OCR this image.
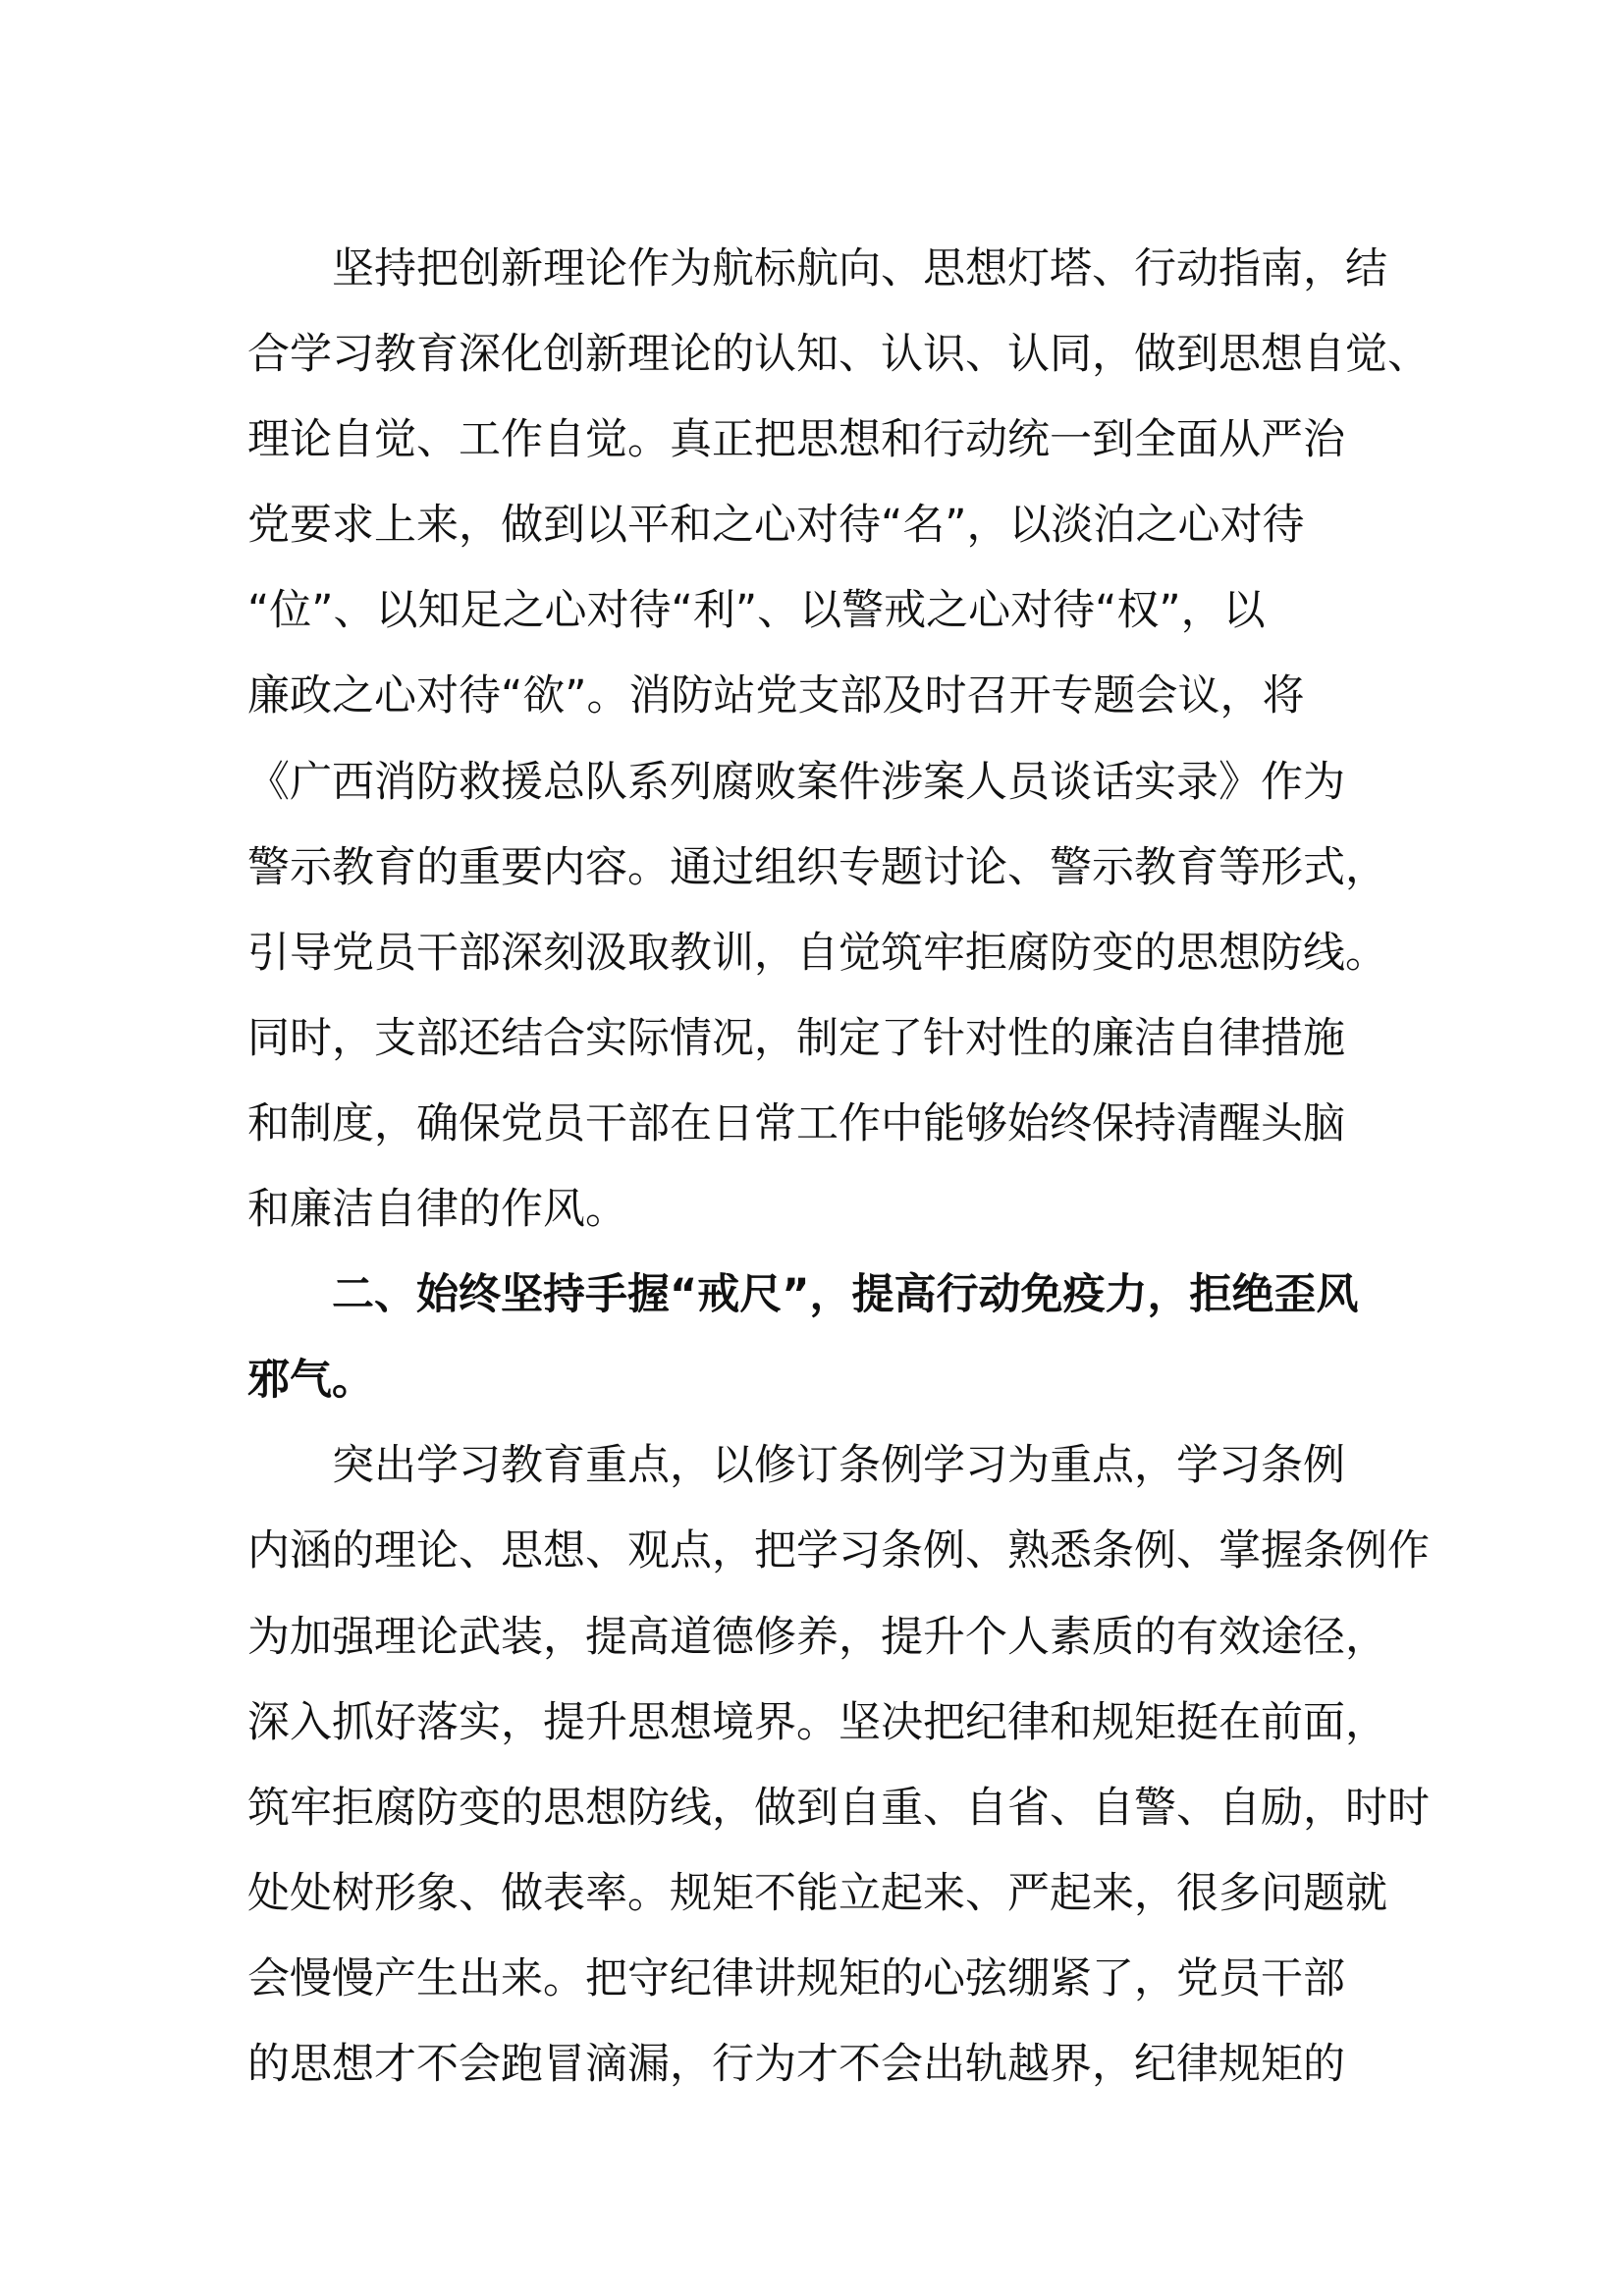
坚持把创新理论作为航标航向、思想灯塔、行动指南，结
合学习教育深化创新理论的认知、认识、认同，做到思想自觉、
理论自觉、工作自觉。真正把思想和行动统一到全面从严治
党要求上来，做到以平和之心对待“名”，以淡泊之心对待
“位”、以知足之心对待“利”、以警戒之心对待“权”，以
廉政之心对待“欲”。消防站党支部及时召开专题会议，将
《广西消防救援总队系列腐败案件涉案人员谈话实录》作为
警示教育的重要内容。通过组织专题讨论、警示教育等形式，
引导党员干部深刻汲取教训，自觉筑牢拒腐防变的思想防线。
同时，支部还结合实际情况，制定了针对性的廉洁自律措施
和制度，确保党员干部在日常工作中能够始终保持清醒头脑
和廉洁自律的作风。
二、始终坚持手握“戒尺”，提高行动免疫力，拒绝歪风
邪气。
突出学习教育重点，以修订条例学习为重点，学习条例
内涵的理论、思想、观点，把学习条例、熟悉条例、掌握条例作
为加强理论武装，提高道德修养，提升个人素质的有效途径，
深入抓好落实，提升思想境界。坚决把纪律和规矩挺在前面，
筑牢拒腐防变的思想防线，做到自重、自省、自警、自励，时时
处处树形象、做表率。规矩不能立起来、严起来，很多问题就
会慢慢产生出来。把守纪律讲规矩的心弦绷紧了，党员干部
的思想才不会跑冒滴漏，行为才不会出轨越界，纪律规矩的
